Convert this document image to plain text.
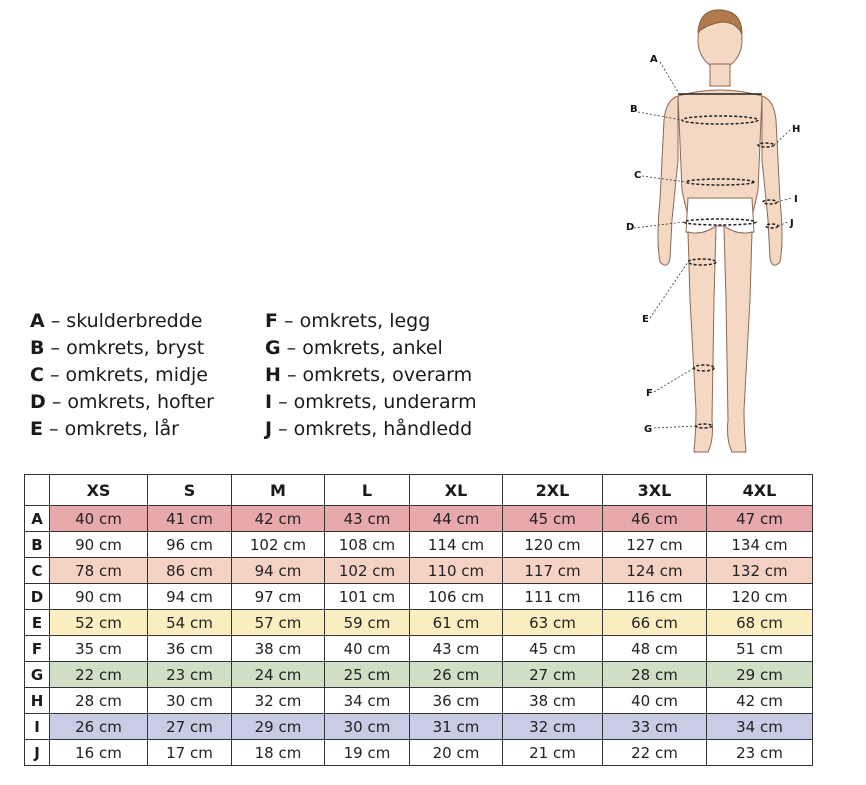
A
B
C
D
E
F
G
H
I
J
A – skulderbredde
B – omkrets, bryst
C – omkrets, midje
D – omkrets, hofter
E – omkrets, lår
F – omkrets, legg
G – omkrets, ankel
H – omkrets, overarm
I – omkrets, underarm
J – omkrets, håndledd
	XS	S	M	L	XL	2XL	3XL	4XL
A	40 cm	41 cm	42 cm	43 cm	44 cm	45 cm	46 cm	47 cm
B	90 cm	96 cm	102 cm	108 cm	114 cm	120 cm	127 cm	134 cm
C	78 cm	86 cm	94 cm	102 cm	110 cm	117 cm	124 cm	132 cm
D	90 cm	94 cm	97 cm	101 cm	106 cm	111 cm	116 cm	120 cm
E	52 cm	54 cm	57 cm	59 cm	61 cm	63 cm	66 cm	68 cm
F	35 cm	36 cm	38 cm	40 cm	43 cm	45 cm	48 cm	51 cm
G	22 cm	23 cm	24 cm	25 cm	26 cm	27 cm	28 cm	29 cm
H	28 cm	30 cm	32 cm	34 cm	36 cm	38 cm	40 cm	42 cm
I	26 cm	27 cm	29 cm	30 cm	31 cm	32 cm	33 cm	34 cm
J	16 cm	17 cm	18 cm	19 cm	20 cm	21 cm	22 cm	23 cm
